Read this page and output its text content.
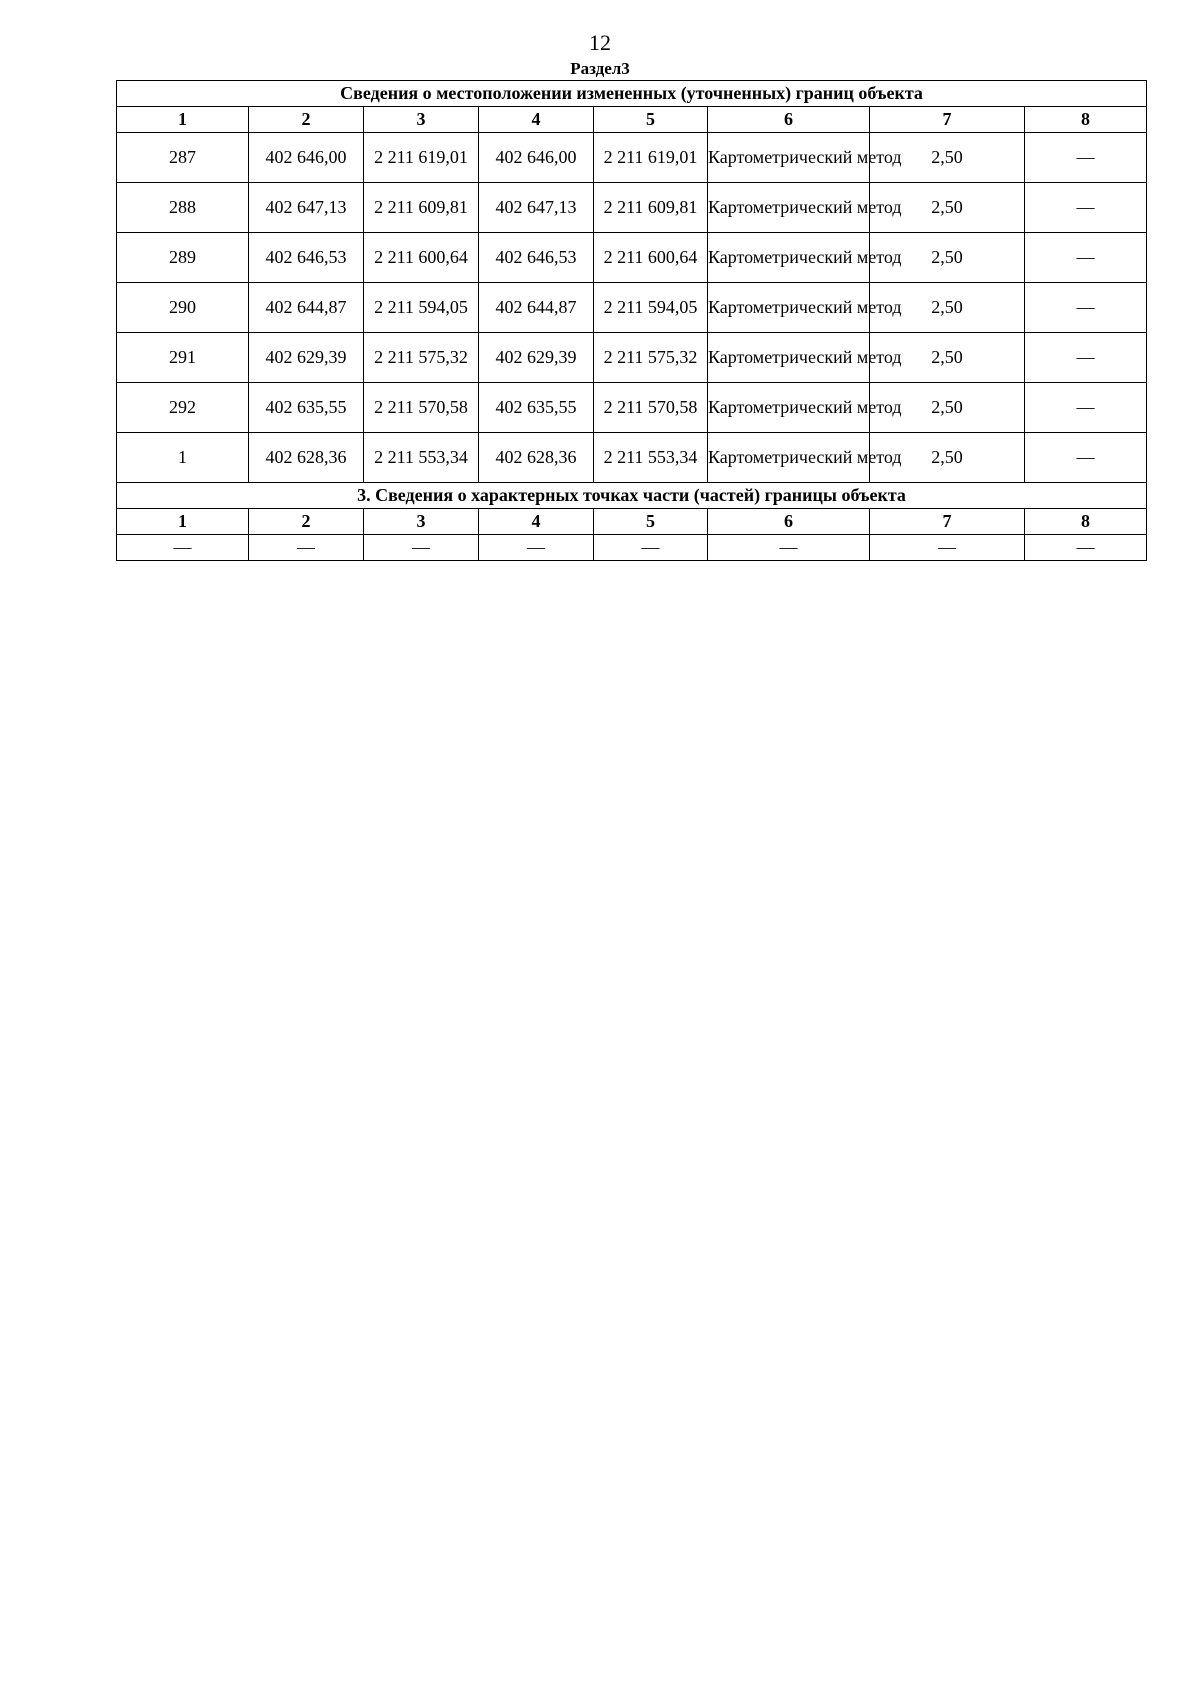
12
Раздел3
Сведения о местоположении измененных (уточненных) границ объекта							
1	2	3	4	5	6	7	8
287	402 646,00	2 211 619,01	402 646,00	2 211 619,01	Картометрический метод	2,50	—
288	402 647,13	2 211 609,81	402 647,13	2 211 609,81	Картометрический метод	2,50	—
289	402 646,53	2 211 600,64	402 646,53	2 211 600,64	Картометрический метод	2,50	—
290	402 644,87	2 211 594,05	402 644,87	2 211 594,05	Картометрический метод	2,50	—
291	402 629,39	2 211 575,32	402 629,39	2 211 575,32	Картометрический метод	2,50	—
292	402 635,55	2 211 570,58	402 635,55	2 211 570,58	Картометрический метод	2,50	—
1	402 628,36	2 211 553,34	402 628,36	2 211 553,34	Картометрический метод	2,50	—
3. Сведения о характерных точках части (частей) границы объекта							
1	2	3	4	5	6	7	8
—	—	—	—	—	—	—	—
